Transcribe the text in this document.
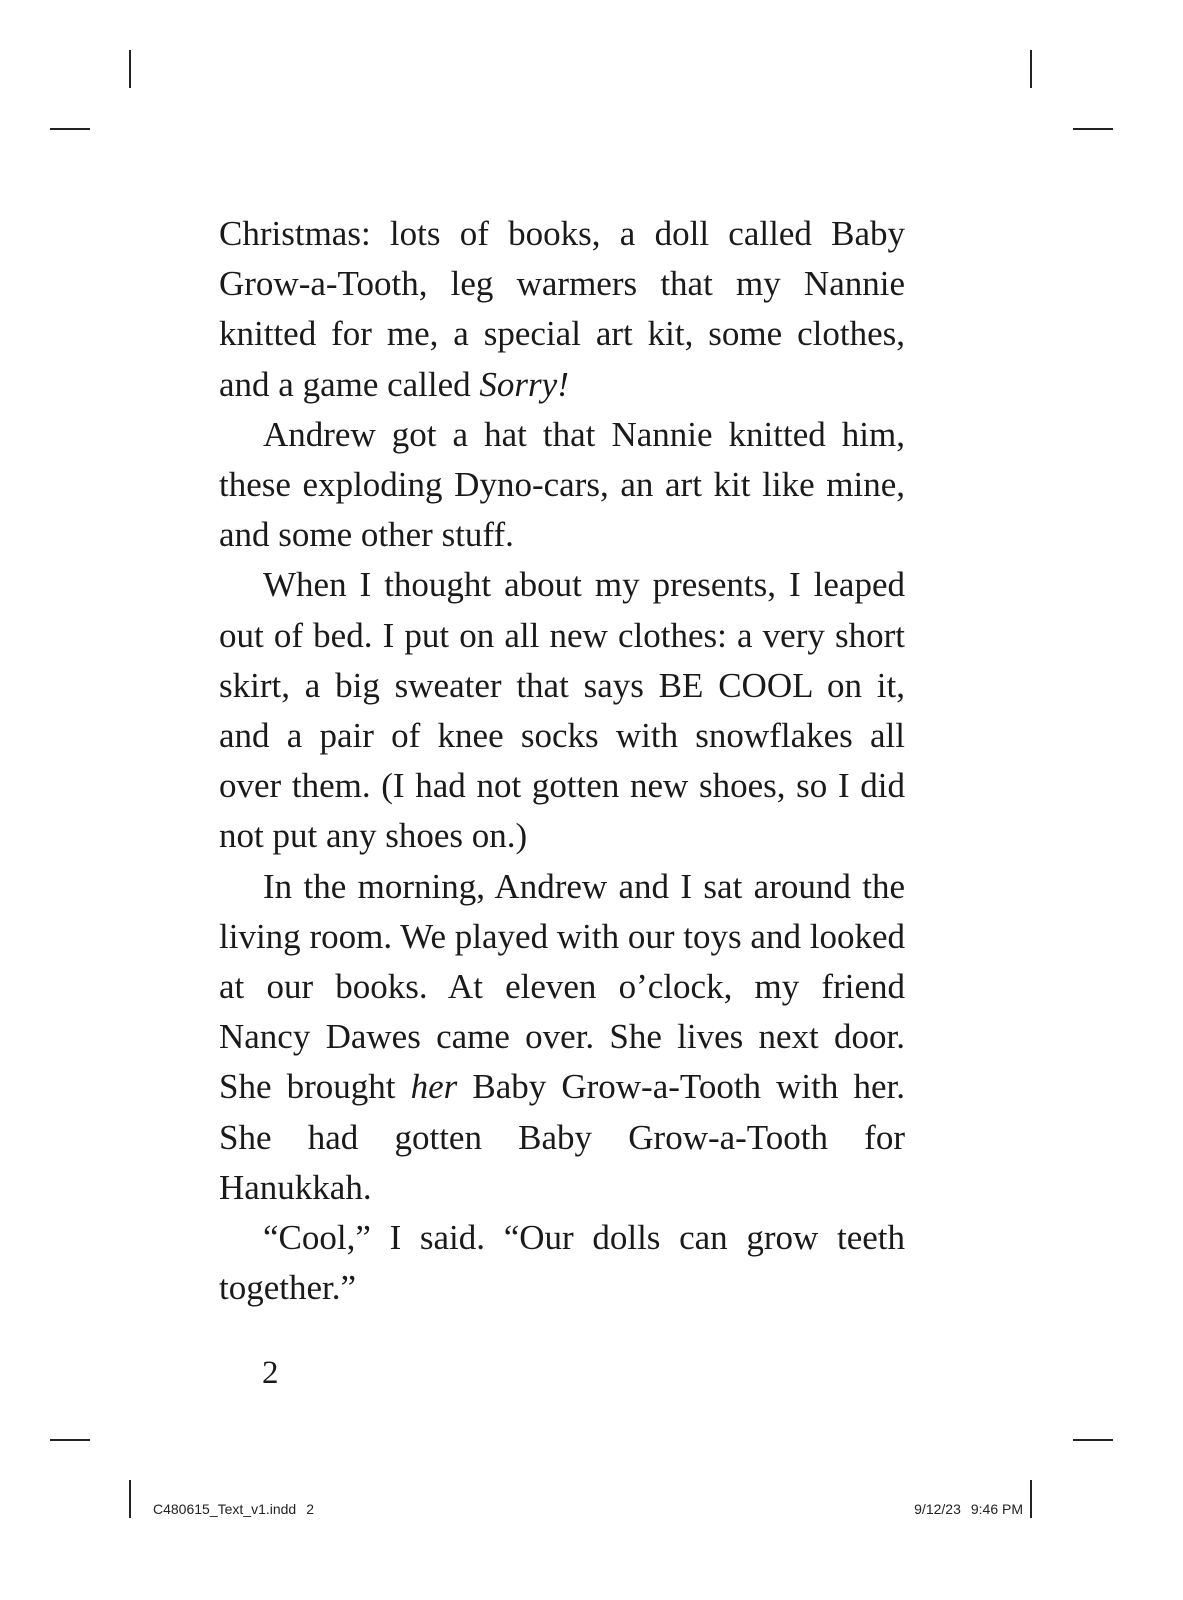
Christmas: lots of books, a doll called Baby Grow-a-Tooth, leg warmers that my Nannie knitted for me, a special art kit, some clothes, and a game called Sorry!

Andrew got a hat that Nannie knitted him, these exploding Dyno-cars, an art kit like mine, and some other stuff.

When I thought about my presents, I leaped out of bed. I put on all new clothes: a very short skirt, a big sweater that says BE COOL on it, and a pair of knee socks with snowflakes all over them. (I had not gotten new shoes, so I did not put any shoes on.)

In the morning, Andrew and I sat around the living room. We played with our toys and looked at our books. At eleven o’clock, my friend Nancy Dawes came over. She lives next door. She brought her Baby Grow-a-Tooth with her. She had gotten Baby Grow-a-Tooth for Hanukkah.

“Cool,” I said. “Our dolls can grow teeth together.”

2
C480615_Text_v1.indd 2	9/12/23 9:46 PM
